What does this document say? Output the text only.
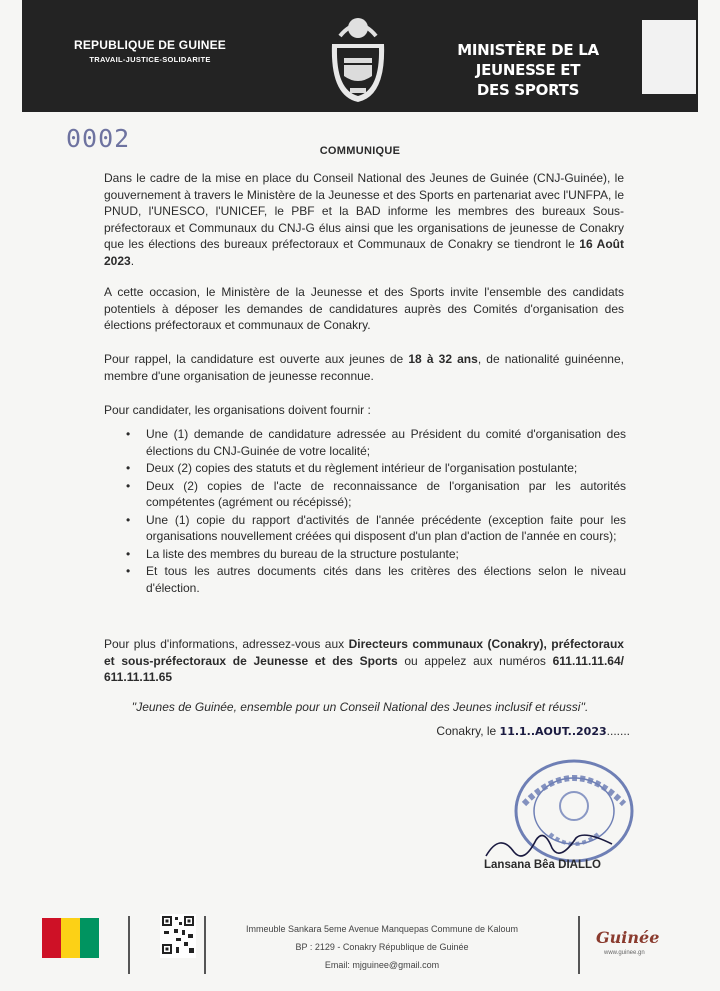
REPUBLIQUE DE GUINEE
TRAVAIL-JUSTICE-SOLIDARITE
MINISTÈRE DE LA JEUNESSE ET
DES SPORTS
0002	COMMUNIQUE
Dans le cadre de la mise en place du Conseil National des Jeunes de Guinée (CNJ-Guinée), le gouvernement à travers le Ministère de la Jeunesse et des Sports en partenariat avec l'UNFPA, le PNUD, l'UNESCO, l'UNICEF, le PBF et la BAD informe les membres des bureaux Sous-préfectoraux et Communaux du CNJ-G élus ainsi que les organisations de jeunesse de Conakry que les élections des bureaux préfectoraux et Communaux de Conakry se tiendront le 16 Août 2023.
A cette occasion, le Ministère de la Jeunesse et des Sports invite l'ensemble des candidats potentiels à déposer les demandes de candidatures auprès des Comités d'organisation des élections préfectoraux et communaux de Conakry.
Pour rappel, la candidature est ouverte aux jeunes de 18 à 32 ans, de nationalité guinéenne, membre d'une organisation de jeunesse reconnue.
Pour candidater, les organisations doivent fournir :
• Une (1) demande de candidature adressée au Président du comité d'organisation des élections du CNJ-Guinée de votre localité;
• Deux (2) copies des statuts et du règlement intérieur de l'organisation postulante;
• Deux (2) copies de l'acte de reconnaissance de l'organisation par les autorités compétentes (agrément ou récépissé);
• Une (1) copie du rapport d'activités de l'année précédente (exception faite pour les organisations nouvellement créées qui disposent d'un plan d'action de l'année en cours);
• La liste des membres du bureau de la structure postulante;
• Et tous les autres documents cités dans les critères des élections selon le niveau d'élection.
Pour plus d'informations, adressez-vous aux Directeurs communaux (Conakry), préfectoraux et sous-préfectoraux de Jeunesse et des Sports ou appelez aux numéros 611.11.11.64/ 611.11.11.65
''Jeunes de Guinée, ensemble pour un Conseil National des Jeunes inclusif et réussi''.
Conakry, le 11.1..AOUT..2023.......
Lansana Bêa DIALLO
Immeuble Sankara 5eme Avenue Manquepas Commune de Kaloum
BP : 2129 - Conakry République de Guinée
Email: mjguinee@gmail.com
Guinée
www.guinee.gn
